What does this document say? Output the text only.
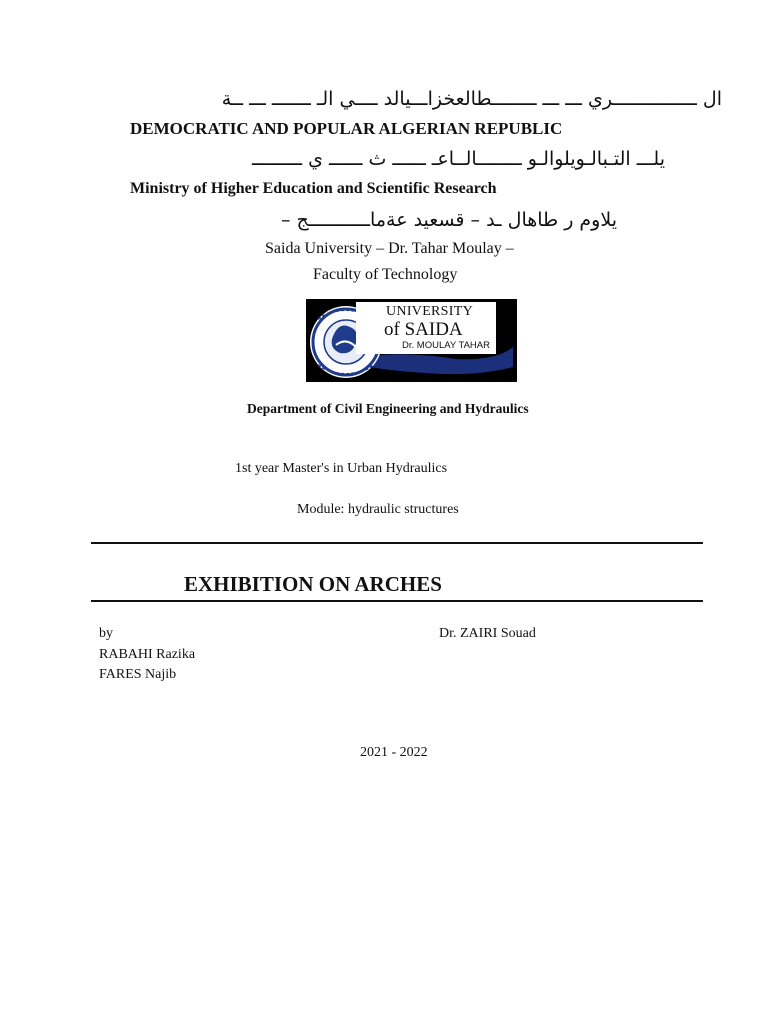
ال ـــــــــــــــري ـــ ـــ ــــــــطالعخزاـــيالد ــــي الـ ـــــــ ـــ ــة
DEMOCRATIC AND POPULAR ALGERIAN REPUBLIC
يلـــ التـبالـويلوالـو ــــــــالــاعـ ــــــ ث ــــــ ي ـــــــــ
Ministry of Higher Education and Scientific Research
يلاوم ر طاهال ـد – قسعيد عةماـــــــــــج –
Saida University – Dr. Tahar Moulay –
Faculty of Technology
UNIVERSITY
of SAIDA
Dr. MOULAY TAHAR
Department of Civil Engineering and Hydraulics
1st year Master's in Urban Hydraulics
Module: hydraulic structures
EXHIBITION ON ARCHES
by	Dr. ZAIRI Souad
RABAHI Razika
FARES Najib
2021 - 2022
